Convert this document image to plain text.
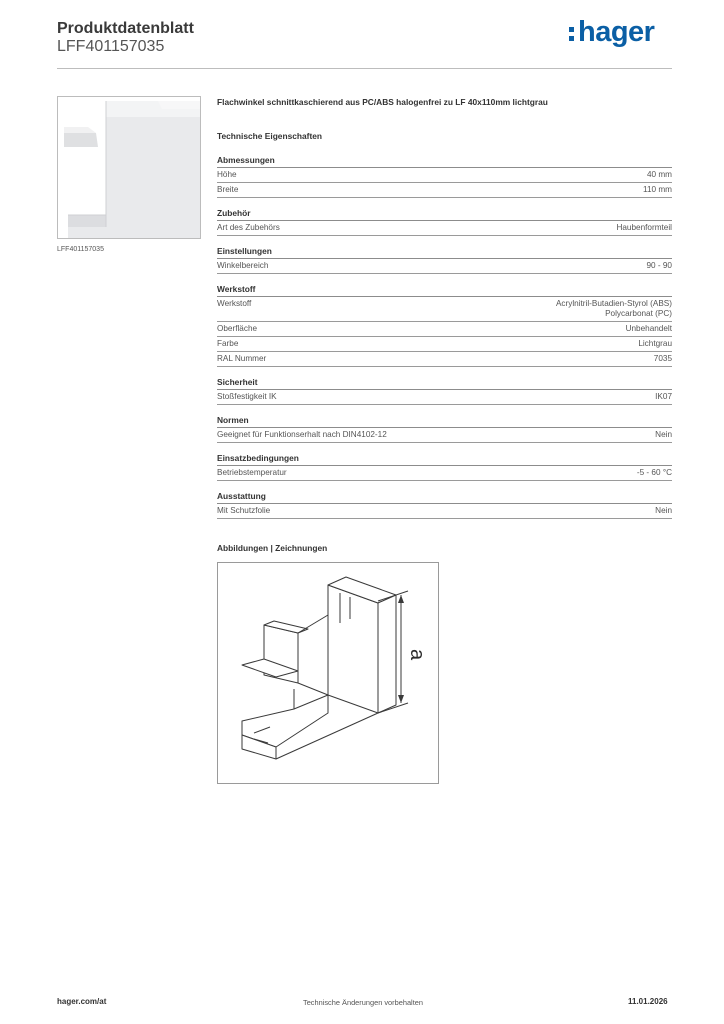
Produktdatenblatt
LFF401157035	hager
LFF401157035
Flachwinkel schnittkaschierend aus PC/ABS halogenfrei zu LF 40x110mm lichtgrau
Technische Eigenschaften
Abmessungen
Höhe	40 mm
Breite	110 mm
Zubehör
Art des Zubehörs	Haubenformteil
Einstellungen
Winkelbereich	90 - 90
Werkstoff
Werkstoff	Acrylnitril-Butadien-Styrol (ABS)
Polycarbonat (PC)
Oberfläche	Unbehandelt
Farbe	Lichtgrau
RAL Nummer	7035
Sicherheit
Stoßfestigkeit IK	IK07
Normen
Geeignet für Funktionserhalt nach DIN4102-12	Nein
Einsatzbedingungen
Betriebstemperatur	-5 - 60 °C
Ausstattung
Mit Schutzfolie	Nein
Abbildungen | Zeichnungen
a
hager.com/at	Technische Änderungen vorbehalten	11.01.2026
